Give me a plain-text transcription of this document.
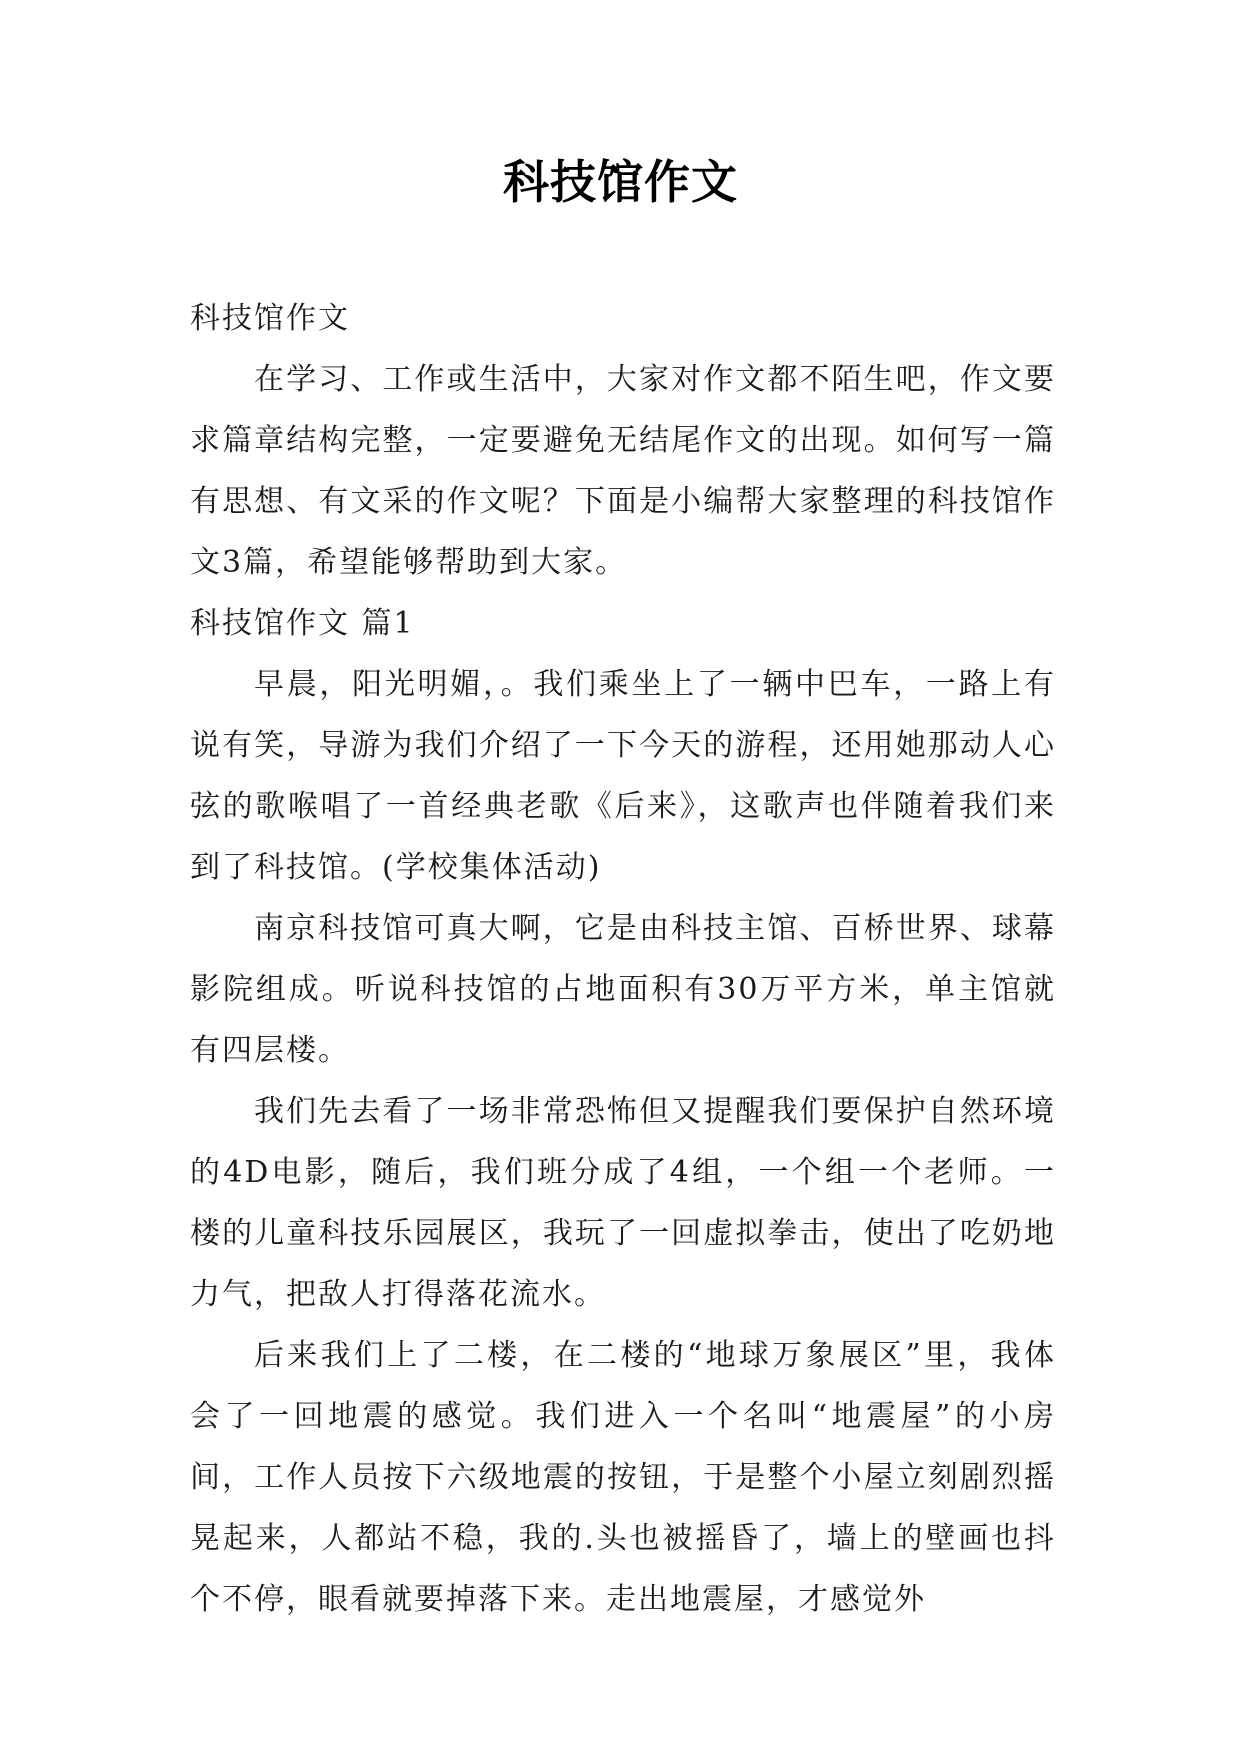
科技馆作文

科技馆作文

在学习、工作或生活中，大家对作文都不陌生吧，作文要求篇章结构完整，一定要避免无结尾作文的出现。如何写一篇有思想、有文采的作文呢？下面是小编帮大家整理的科技馆作文3篇，希望能够帮助到大家。

科技馆作文 篇1

早晨，阳光明媚，。我们乘坐上了一辆中巴车，一路上有说有笑，导游为我们介绍了一下今天的游程，还用她那动人心弦的歌喉唱了一首经典老歌《后来》，这歌声也伴随着我们来到了科技馆。(学校集体活动)

南京科技馆可真大啊，它是由科技主馆、百桥世界、球幕影院组成。听说科技馆的占地面积有30万平方米，单主馆就有四层楼。

我们先去看了一场非常恐怖但又提醒我们要保护自然环境的4D电影，随后，我们班分成了4组，一个组一个老师。一楼的儿童科技乐园展区，我玩了一回虚拟拳击，使出了吃奶地力气，把敌人打得落花流水。

后来我们上了二楼，在二楼的“地球万象展区”里，我体会了一回地震的感觉。我们进入一个名叫“地震屋”的小房间，工作人员按下六级地震的按钮，于是整个小屋立刻剧烈摇晃起来，人都站不稳，我的.头也被摇昏了，墙上的壁画也抖个不停，眼看就要掉落下来。走出地震屋，才感觉外
